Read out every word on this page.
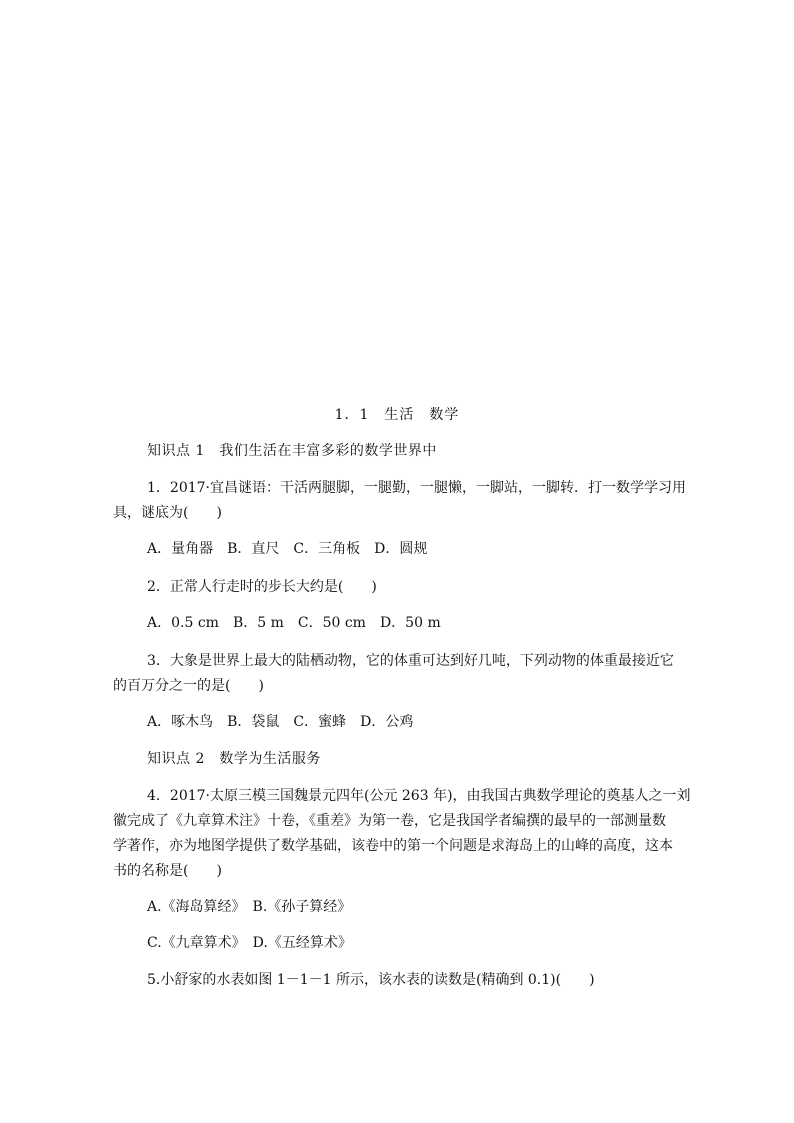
1．1　生活　数学
知识点 1　我们生活在丰富多彩的数学世界中
1．2017·宜昌谜语：干活两腿脚，一腿勤，一腿懒，一脚站，一脚转．打一数学学习用
具，谜底为(　　)
A．量角器　B．直尺　C．三角板　D．圆规
2．正常人行走时的步长大约是(　　)
A．0.5 cm　B．5 m　C．50 cm　D．50 m
3．大象是世界上最大的陆栖动物，它的体重可达到好几吨，下列动物的体重最接近它
的百万分之一的是(　　)
A．啄木鸟　B．袋鼠　C．蜜蜂　D．公鸡
知识点 2　数学为生活服务
4．2017·太原三模三国魏景元四年(公元 263 年)，由我国古典数学理论的奠基人之一刘
徽完成了《九章算术注》十卷，《重差》为第一卷，它是我国学者编撰的最早的一部测量数
学著作，亦为地图学提供了数学基础，该卷中的第一个问题是求海岛上的山峰的高度，这本
书的名称是(　　)
A.《海岛算经》　B.《孙子算经》
C.《九章算术》　D.《五经算术》
5.小舒家的水表如图 1－1－1 所示，该水表的读数是(精确到 0.1)(　　)
